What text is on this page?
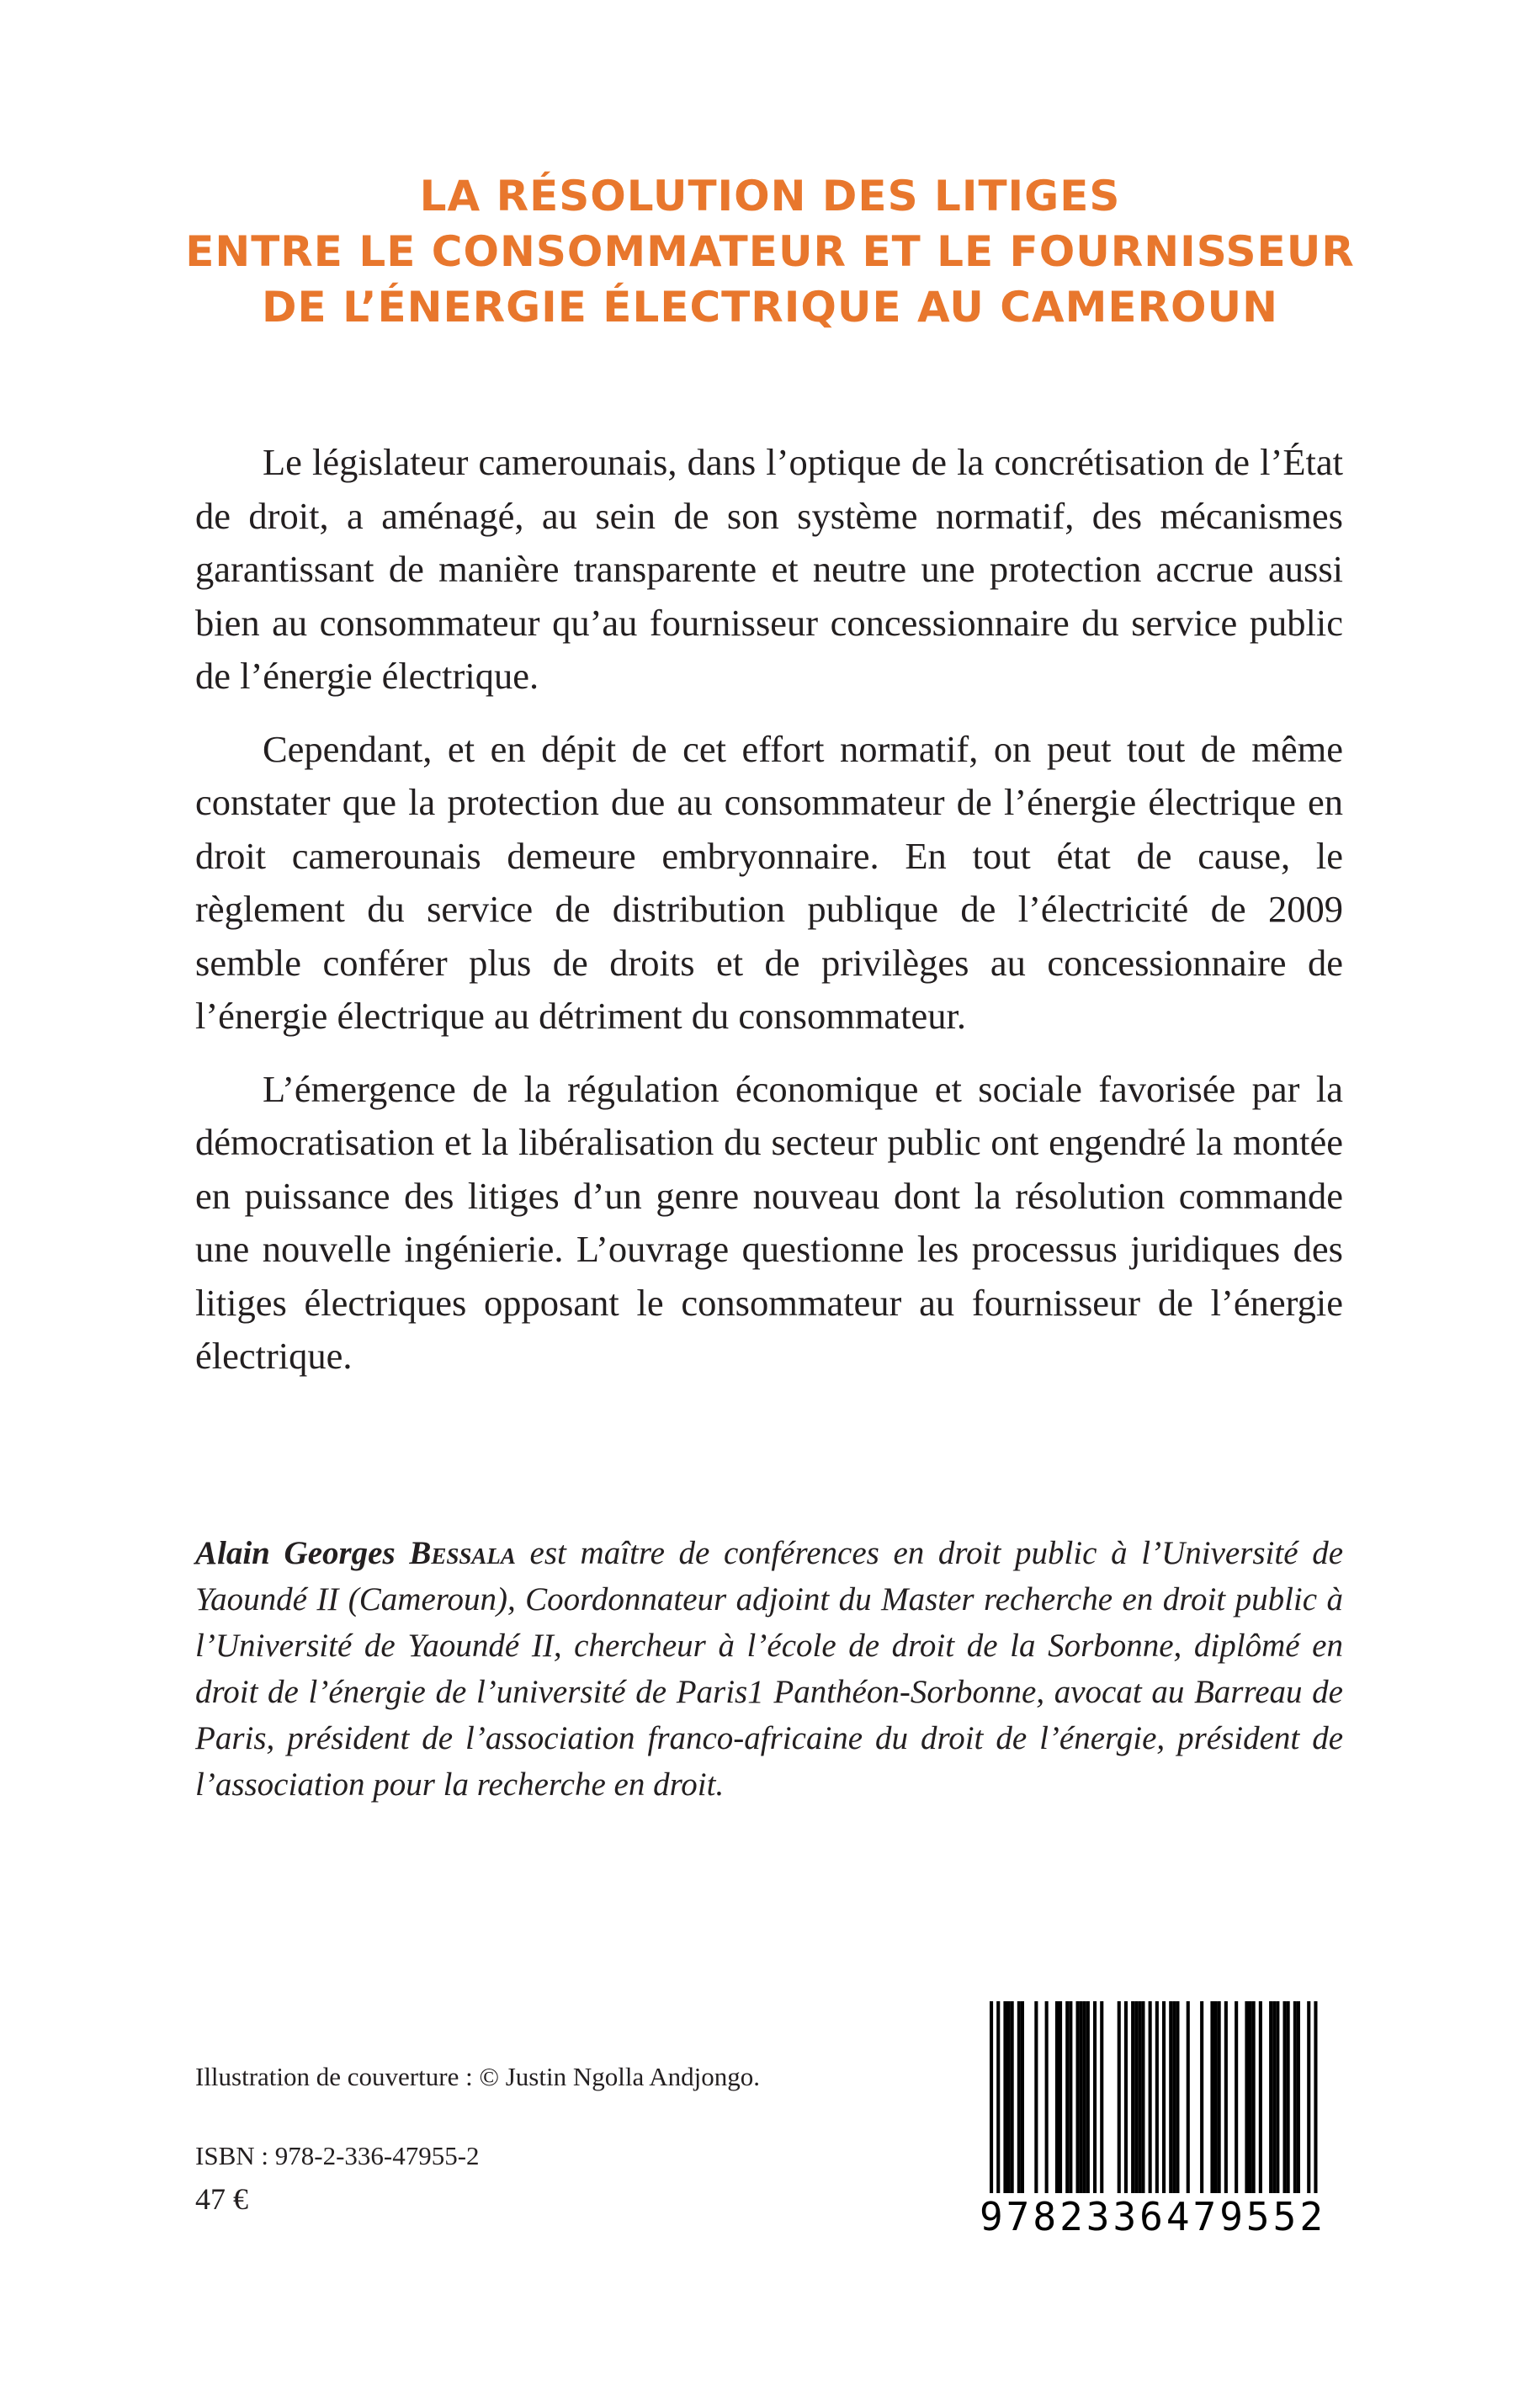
LA RÉSOLUTION DES LITIGES
ENTRE LE CONSOMMATEUR ET LE FOURNISSEUR
DE L’ÉNERGIE ÉLECTRIQUE AU CAMEROUN

Le législateur camerounais, dans l’optique de la concrétisation de l’État de droit, a aménagé, au sein de son système normatif, des mécanismes garantissant de manière transparente et neutre une protection accrue aussi bien au consommateur qu’au fournisseur concessionnaire du service public de l’énergie électrique.

Cependant, et en dépit de cet effort normatif, on peut tout de même constater que la protection due au consommateur de l’énergie électrique en droit camerounais demeure embryonnaire. En tout état de cause, le règlement du service de distribution publique de l’électricité de 2009 semble conférer plus de droits et de privilèges au concessionnaire de l’énergie électrique au détriment du consommateur.

L’émergence de la régulation économique et sociale favorisée par la démocratisation et la libéralisation du secteur public ont engendré la montée en puissance des litiges d’un genre nouveau dont la résolution commande une nouvelle ingénierie. L’ouvrage questionne les processus juridiques des litiges électriques opposant le consommateur au fournisseur de l’énergie électrique.

Alain Georges Bessala est maître de conférences en droit public à l’Université de Yaoundé II (Cameroun), Coordonnateur adjoint du Master recherche en droit public à l’Université de Yaoundé II, chercheur à l’école de droit de la Sorbonne, diplômé en droit de l’énergie de l’université de Paris1 Panthéon-Sorbonne, avocat au Barreau de Paris, président de l’association franco-africaine du droit de l’énergie, président de l’association pour la recherche en droit.
Illustration de couverture : © Justin Ngolla Andjongo.
ISBN : 978-2-336-47955-2
47 €	9782336479552
